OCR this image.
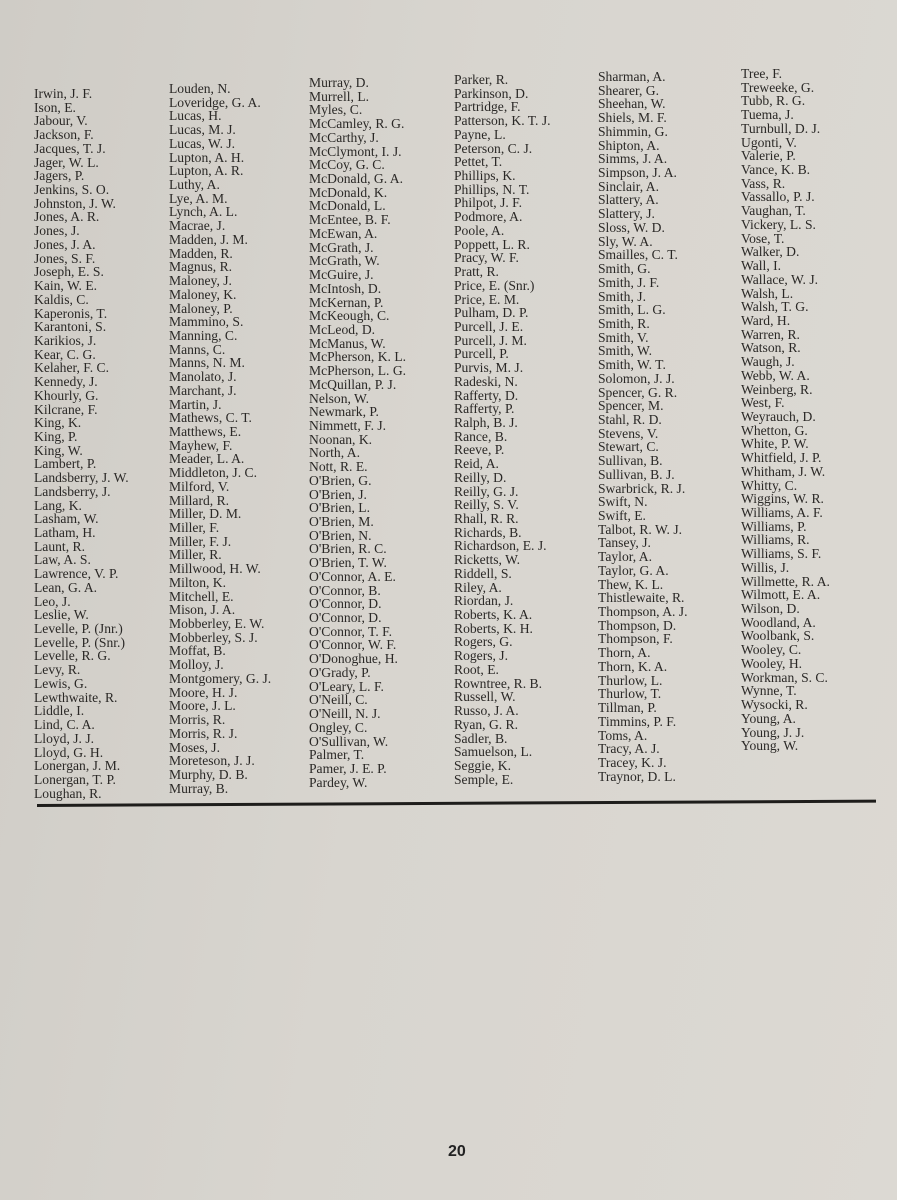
Irwin, J. F.
Ison, E.
Jabour, V.
Jackson, F.
Jacques, T. J.
Jager, W. L.
Jagers, P.
Jenkins, S. O.
Johnston, J. W.
Jones, A. R.
Jones, J.
Jones, J. A.
Jones, S. F.
Joseph, E. S.
Kain, W. E.
Kaldis, C.
Kaperonis, T.
Karantoni, S.
Karikios, J.
Kear, C. G.
Kelaher, F. C.
Kennedy, J.
Khourly, G.
Kilcrane, F.
King, K.
King, P.
King, W.
Lambert, P.
Landsberry, J. W.
Landsberry, J.
Lang, K.
Lasham, W.
Latham, H.
Launt, R.
Law, A. S.
Lawrence, V. P.
Lean, G. A.
Leo, J.
Leslie, W.
Levelle, P. (Jnr.)
Levelle, P. (Snr.)
Levelle, R. G.
Levy, R.
Lewis, G.
Lewthwaite, R.
Liddle, I.
Lind, C. A.
Lloyd, J. J.
Lloyd, G. H.
Lonergan, J. M.
Lonergan, T. P.
Loughan, R.
Louden, N.
Loveridge, G. A.
Lucas, H.
Lucas, M. J.
Lucas, W. J.
Lupton, A. H.
Lupton, A. R.
Luthy, A.
Lye, A. M.
Lynch, A. L.
Macrae, J.
Madden, J. M.
Madden, R.
Magnus, R.
Maloney, J.
Maloney, K.
Maloney, P.
Mammino, S.
Manning, C.
Manns, C.
Manns, N. M.
Manolato, J.
Marchant, J.
Martin, J.
Mathews, C. T.
Matthews, E.
Mayhew, F.
Meader, L. A.
Middleton, J. C.
Milford, V.
Millard, R.
Miller, D. M.
Miller, F.
Miller, F. J.
Miller, R.
Millwood, H. W.
Milton, K.
Mitchell, E.
Mison, J. A.
Mobberley, E. W.
Mobberley, S. J.
Moffat, B.
Molloy, J.
Montgomery, G. J.
Moore, H. J.
Moore, J. L.
Morris, R.
Morris, R. J.
Moses, J.
Moreteson, J. J.
Murphy, D. B.
Murray, B.
Murray, D.
Murrell, L.
Myles, C.
McCamley, R. G.
McCarthy, J.
McClymont, I. J.
McCoy, G. C.
McDonald, G. A.
McDonald, K.
McDonald, L.
McEntee, B. F.
McEwan, A.
McGrath, J.
McGrath, W.
McGuire, J.
McIntosh, D.
McKernan, P.
McKeough, C.
McLeod, D.
McManus, W.
McPherson, K. L.
McPherson, L. G.
McQuillan, P. J.
Nelson, W.
Newmark, P.
Nimmett, F. J.
Noonan, K.
North, A.
Nott, R. E.
O'Brien, G.
O'Brien, J.
O'Brien, L.
O'Brien, M.
O'Brien, N.
O'Brien, R. C.
O'Brien, T. W.
O'Connor, A. E.
O'Connor, B.
O'Connor, D.
O'Connor, D.
O'Connor, T. F.
O'Connor, W. F.
O'Donoghue, H.
O'Grady, P.
O'Leary, L. F.
O'Neill, C.
O'Neill, N. J.
Ongley, C.
O'Sullivan, W.
Palmer, T.
Pamer, J. E. P.
Pardey, W.
Parker, R.
Parkinson, D.
Partridge, F.
Patterson, K. T. J.
Payne, L.
Peterson, C. J.
Pettet, T.
Phillips, K.
Phillips, N. T.
Philpot, J. F.
Podmore, A.
Poole, A.
Poppett, L. R.
Pracy, W. F.
Pratt, R.
Price, E. (Snr.)
Price, E. M.
Pulham, D. P.
Purcell, J. E.
Purcell, J. M.
Purcell, P.
Purvis, M. J.
Radeski, N.
Rafferty, D.
Rafferty, P.
Ralph, B. J.
Rance, B.
Reeve, P.
Reid, A.
Reilly, D.
Reilly, G. J.
Reilly, S. V.
Rhall, R. R.
Richards, B.
Richardson, E. J.
Ricketts, W.
Riddell, S.
Riley, A.
Riordan, J.
Roberts, K. A.
Roberts, K. H.
Rogers, G.
Rogers, J.
Root, E.
Rowntree, R. B.
Russell, W.
Russo, J. A.
Ryan, G. R.
Sadler, B.
Samuelson, L.
Seggie, K.
Semple, E.
Sharman, A.
Shearer, G.
Sheehan, W.
Shiels, M. F.
Shimmin, G.
Shipton, A.
Simms, J. A.
Simpson, J. A.
Sinclair, A.
Slattery, A.
Slattery, J.
Sloss, W. D.
Sly, W. A.
Smailles, C. T.
Smith, G.
Smith, J. F.
Smith, J.
Smith, L. G.
Smith, R.
Smith, V.
Smith, W.
Smith, W. T.
Solomon, J. J.
Spencer, G. R.
Spencer, M.
Stahl, R. D.
Stevens, V.
Stewart, C.
Sullivan, B.
Sullivan, B. J.
Swarbrick, R. J.
Swift, N.
Swift, E.
Talbot, R. W. J.
Tansey, J.
Taylor, A.
Taylor, G. A.
Thew, K. L.
Thistlewaite, R.
Thompson, A. J.
Thompson, D.
Thompson, F.
Thorn, A.
Thorn, K. A.
Thurlow, L.
Thurlow, T.
Tillman, P.
Timmins, P. F.
Toms, A.
Tracy, A. J.
Tracey, K. J.
Traynor, D. L.
Tree, F.
Treweeke, G.
Tubb, R. G.
Tuema, J.
Turnbull, D. J.
Ugonti, V.
Valerie, P.
Vance, K. B.
Vass, R.
Vassallo, P. J.
Vaughan, T.
Vickery, L. S.
Vose, T.
Walker, D.
Wall, I.
Wallace, W. J.
Walsh, L.
Walsh, T. G.
Ward, H.
Warren, R.
Watson, R.
Waugh, J.
Webb, W. A.
Weinberg, R.
West, F.
Weyrauch, D.
Whetton, G.
White, P. W.
Whitfield, J. P.
Whitham, J. W.
Whitty, C.
Wiggins, W. R.
Williams, A. F.
Williams, P.
Williams, R.
Williams, S. F.
Willis, J.
Willmette, R. A.
Wilmott, E. A.
Wilson, D.
Woodland, A.
Woolbank, S.
Wooley, C.
Wooley, H.
Workman, S. C.
Wynne, T.
Wysocki, R.
Young, A.
Young, J. J.
Young, W.
20
